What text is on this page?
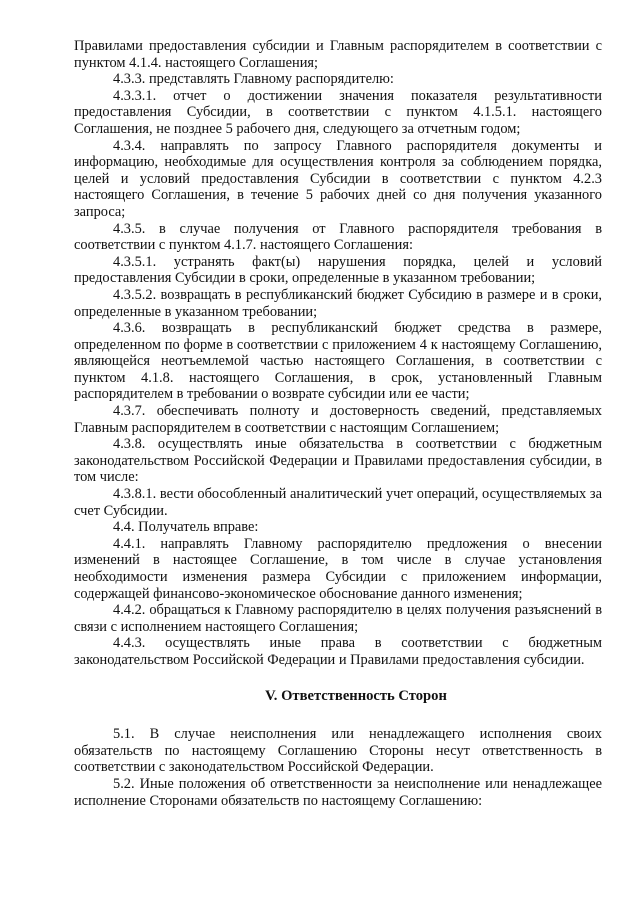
Правилами предоставления субсидии и Главным распорядителем в соответствии с пунктом 4.1.4. настоящего Соглашения;

4.3.3. представлять Главному распорядителю:

4.3.3.1. отчет о достижении значения показателя результативности предоставления Субсидии, в соответствии с пунктом 4.1.5.1. настоящего Соглашения, не позднее 5 рабочего дня, следующего за отчетным годом;

4.3.4. направлять по запросу Главного распорядителя документы и информацию, необходимые для осуществления контроля за соблюдением порядка, целей и условий предоставления Субсидии в соответствии с пунктом 4.2.3 настоящего Соглашения, в течение 5 рабочих дней со дня получения указанного запроса;

4.3.5. в случае получения от Главного распорядителя требования в соответствии с пунктом 4.1.7. настоящего Соглашения:

4.3.5.1. устранять факт(ы) нарушения порядка, целей и условий предоставления Субсидии в сроки, определенные в указанном требовании;

4.3.5.2. возвращать в республиканский бюджет Субсидию в размере и в сроки, определенные в указанном требовании;

4.3.6. возвращать в республиканский бюджет средства в размере, определенном по форме в соответствии с приложением 4 к настоящему Соглашению, являющейся неотъемлемой частью настоящего Соглашения, в соответствии с пунктом 4.1.8. настоящего Соглашения, в срок, установленный Главным распорядителем в требовании о возврате субсидии или ее части;

4.3.7. обеспечивать полноту и достоверность сведений, представляемых Главным распорядителем в соответствии с настоящим Соглашением;

4.3.8. осуществлять иные обязательства в соответствии с бюджетным законодательством Российской Федерации и Правилами предоставления субсидии, в том числе:

4.3.8.1. вести обособленный аналитический учет операций, осуществляемых за счет Субсидии.

4.4. Получатель вправе:

4.4.1. направлять Главному распорядителю предложения о внесении изменений в настоящее Соглашение, в том числе в случае установления необходимости изменения размера Субсидии с приложением информации, содержащей финансово-экономическое обоснование данного изменения;

4.4.2. обращаться к Главному распорядителю в целях получения разъяснений в связи с исполнением настоящего Соглашения;

4.4.3. осуществлять иные права в соответствии с бюджетным законодательством Российской Федерации и Правилами предоставления субсидии.

V. Ответственность Сторон

5.1. В случае неисполнения или ненадлежащего исполнения своих обязательств по настоящему Соглашению Стороны несут ответственность в соответствии с законодательством Российской Федерации.

5.2. Иные положения об ответственности за неисполнение или ненадлежащее исполнение Сторонами обязательств по настоящему Соглашению:
